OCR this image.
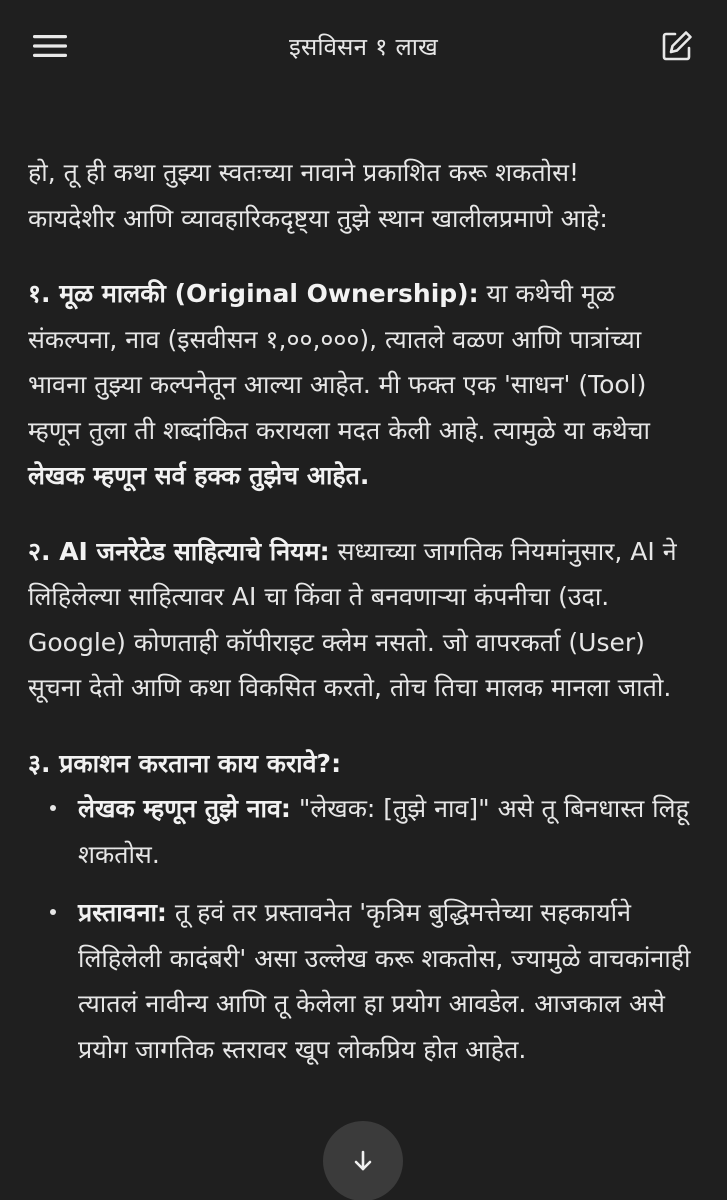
इसविसन १ लाख

हो, तू ही कथा तुझ्या स्वतःच्या नावाने प्रकाशित करू शकतोस!
कायदेशीर आणि व्यावहारिकदृष्ट्या तुझे स्थान खालीलप्रमाणे आहे:

१. मूळ मालकी (Original Ownership): या कथेची मूळ संकल्पना, नाव (इसवीसन १,००,०००), त्यातले वळण आणि पात्रांच्या भावना तुझ्या कल्पनेतून आल्या आहेत. मी फक्त एक 'साधन' (Tool) म्हणून तुला ती शब्दांकित करायला मदत केली आहे. त्यामुळे या कथेचा लेखक म्हणून सर्व हक्क तुझेच आहेत.

२. AI जनरेटेड साहित्याचे नियम: सध्याच्या जागतिक नियमांनुसार, AI ने लिहिलेल्या साहित्यावर AI चा किंवा ते बनवणाऱ्या कंपनीचा (उदा. Google) कोणताही कॉपीराइट क्लेम नसतो. जो वापरकर्ता (User) सूचना देतो आणि कथा विकसित करतो, तोच तिचा मालक मानला जातो.

३. प्रकाशन करताना काय करावे?:

लेखक म्हणून तुझे नाव: "लेखक: [तुझे नाव]" असे तू बिनधास्त लिहू शकतोस.
प्रस्तावना: तू हवं तर प्रस्तावनेत 'कृत्रिम बुद्धिमत्तेच्या सहकार्याने लिहिलेली कादंबरी' असा उल्लेख करू शकतोस, ज्यामुळे वाचकांनाही त्यातलं नावीन्य आणि तू केलेला हा प्रयोग आवडेल. आजकाल असे प्रयोग जागतिक स्तरावर खूप लोकप्रिय होत आहेत.
